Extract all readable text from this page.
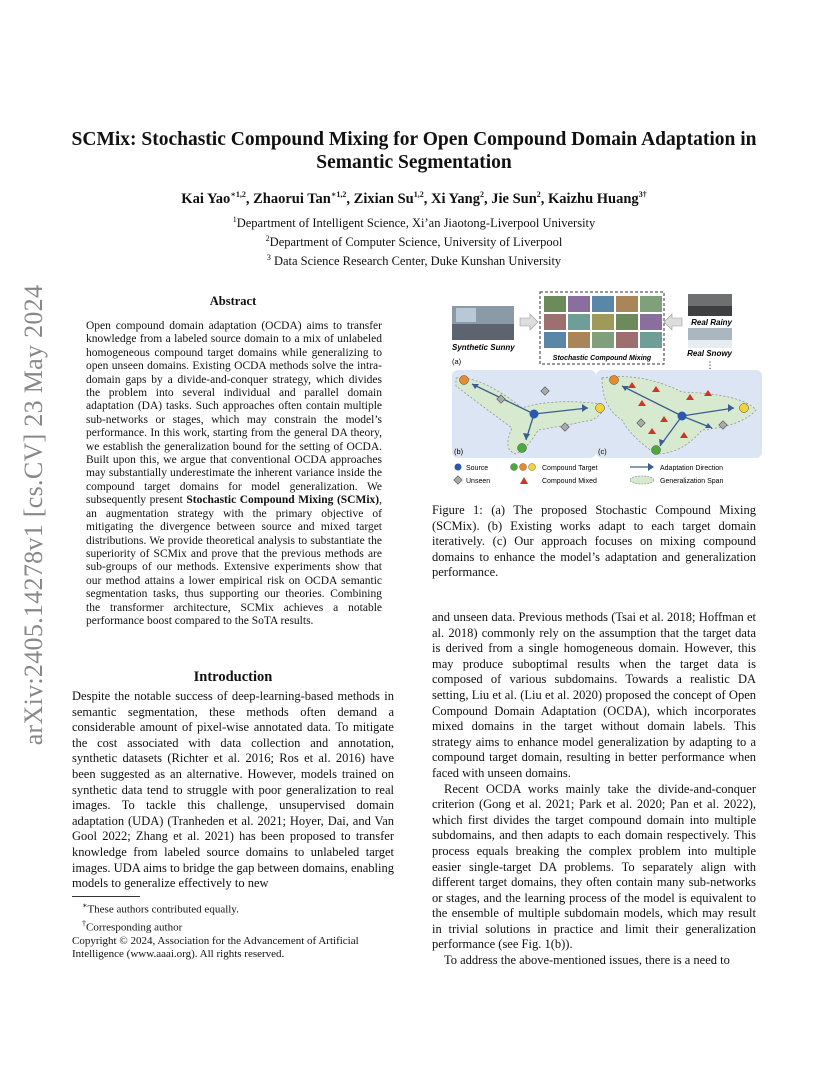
arXiv:2405.14278v1 [cs.CV] 23 May 2024
SCMix: Stochastic Compound Mixing for Open Compound Domain Adaptation in Semantic Segmentation
Kai Yao$^{∗1,2}$, Zhaorui Tan$^{∗1,2}$, Zixian Su$^{1,2}$, Xi Yang$^2$, Jie Sun$^2$, Kaizhu Huang$^{3\dagger}$
$^1$Department of Intelligent Science, Xi’an Jiaotong-Liverpool University
$^2$Department of Computer Science, University of Liverpool
$^3$ Data Science Research Center, Duke Kunshan University
Abstract
Open compound domain adaptation (OCDA) aims to transfer knowledge from a labeled source domain to a mix of unlabeled homogeneous compound target domains while generalizing to open unseen domains. Existing OCDA methods solve the intra-domain gaps by a divide-and-conquer strategy, which divides the problem into several individual and parallel domain adaptation (DA) tasks. Such approaches often contain multiple sub-networks or stages, which may constrain the model’s performance. In this work, starting from the general DA theory, we establish the generalization bound for the setting of OCDA. Built upon this, we argue that conventional OCDA approaches may substantially underestimate the inherent variance inside the compound target domains for model generalization. We subsequently present Stochastic Compound Mixing (SCMix), an augmentation strategy with the primary objective of mitigating the divergence between source and mixed target distributions. We provide theoretical analysis to substantiate the superiority of SCMix and prove that the previous methods are sub-groups of our methods. Extensive experiments show that our method attains a lower empirical risk on OCDA semantic segmentation tasks, thus supporting our theories. Combining the transformer architecture, SCMix achieves a notable performance boost compared to the SoTA results.
Introduction

Despite the notable success of deep-learning-based methods in semantic segmentation, these methods often demand a considerable amount of pixel-wise annotated data. To mitigate the cost associated with data collection and annotation, synthetic datasets (Richter et al. 2016; Ros et al. 2016) have been suggested as an alternative. However, models trained on synthetic data tend to struggle with poor generalization to real images. To tackle this challenge, unsupervised domain adaptation (UDA) (Tranheden et al. 2021; Hoyer, Dai, and Van Gool 2022; Zhang et al. 2021) has been proposed to transfer knowledge from labeled source domains to unlabeled target images. UDA aims to bridge the gap between domains, enabling models to generalize effectively to new

∗These authors contributed equally.
†Corresponding author
Copyright © 2024, Association for the Advancement of Artificial Intelligence (www.aaai.org). All rights reserved.
Synthetic Sunny
(a)	Stochastic Compound Mixing
Real Rainy
Real Snowy
⋮
(b)	(c)
Source
Unseen
Compound Target
Compound Mixed
Adaptation Direction
Generalization Span
Figure 1: (a) The proposed Stochastic Compound Mixing (SCMix). (b) Existing works adapt to each target domain iteratively. (c) Our approach focuses on mixing compound domains to enhance the model’s adaptation and generalization performance.

and unseen data. Previous methods (Tsai et al. 2018; Hoffman et al. 2018) commonly rely on the assumption that the target data is derived from a single homogeneous domain. However, this may produce suboptimal results when the target data is composed of various subdomains. Towards a realistic DA setting, Liu et al. (Liu et al. 2020) proposed the concept of Open Compound Domain Adaptation (OCDA), which incorporates mixed domains in the target without domain labels. This strategy aims to enhance model generalization by adapting to a compound target domain, resulting in better performance when faced with unseen domains.

Recent OCDA works mainly take the divide-and-conquer criterion (Gong et al. 2021; Park et al. 2020; Pan et al. 2022), which first divides the target compound domain into multiple subdomains, and then adapts to each domain respectively. This process equals breaking the complex problem into multiple easier single-target DA problems. To separately align with different target domains, they often contain many sub-networks or stages, and the learning process of the model is equivalent to the ensemble of multiple subdomain models, which may result in trivial solutions in practice and limit their generalization performance (see Fig. 1(b)).

To address the above-mentioned issues, there is a need to
